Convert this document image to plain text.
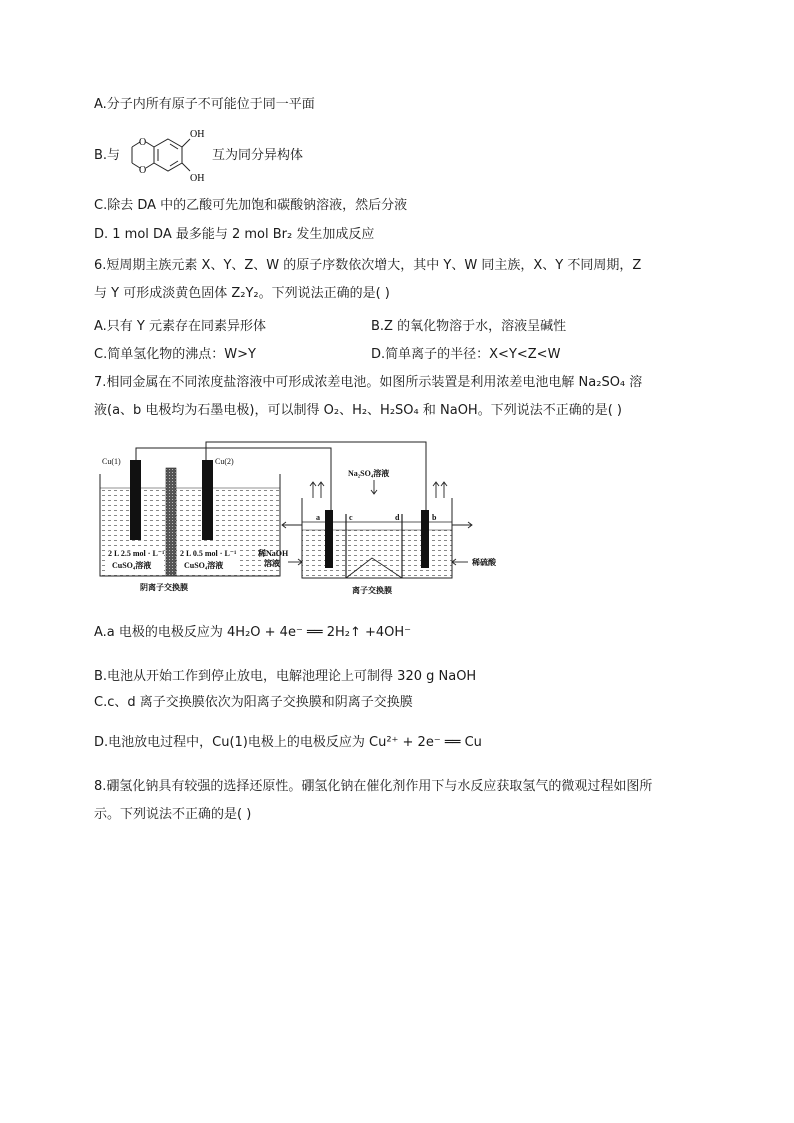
A.分子内所有原子不可能位于同一平面
B.与
O
O
OH
OH
互为同分异构体
C.除去 DA 中的乙酸可先加饱和碳酸钠溶液，然后分液
D. 1 mol DA 最多能与 2 mol Br₂ 发生加成反应
6.短周期主族元素 X、Y、Z、W 的原子序数依次增大，其中 Y、W 同主族，X、Y 不同周期，Z
与 Y 可形成淡黄色固体 Z₂Y₂。下列说法正确的是( )
A.只有 Y 元素存在同素异形体	B.Z 的氧化物溶于水，溶液呈碱性
C.简单氢化物的沸点：W>Y	D.简单离子的半径：X<Y<Z<W
7.相同金属在不同浓度盐溶液中可形成浓差电池。如图所示装置是利用浓差电池电解 Na₂SO₄ 溶
液(a、b 电极均为石墨电极)，可以制得 O₂、H₂、H₂SO₄ 和 NaOH。下列说法不正确的是( )
Cu(1)	Cu(2)
2 L 2.5 mol · L⁻¹
CuSO₄溶液
2 L 0.5 mol · L⁻¹
CuSO₄溶液
阴离子交换膜
a	b
c	d
Na₂SO₄溶液
稀NaOH
溶液	稀硫酸
离子交换膜
A.a 电极的电极反应为 4H₂O + 4e⁻ ══ 2H₂↑ +4OH⁻
B.电池从开始工作到停止放电，电解池理论上可制得 320 g NaOH
C.c、d 离子交换膜依次为阳离子交换膜和阴离子交换膜
D.电池放电过程中，Cu(1)电极上的电极反应为 Cu²⁺ + 2e⁻ ══ Cu
8.硼氢化钠具有较强的选择还原性。硼氢化钠在催化剂作用下与水反应获取氢气的微观过程如图所
示。下列说法不正确的是( )
